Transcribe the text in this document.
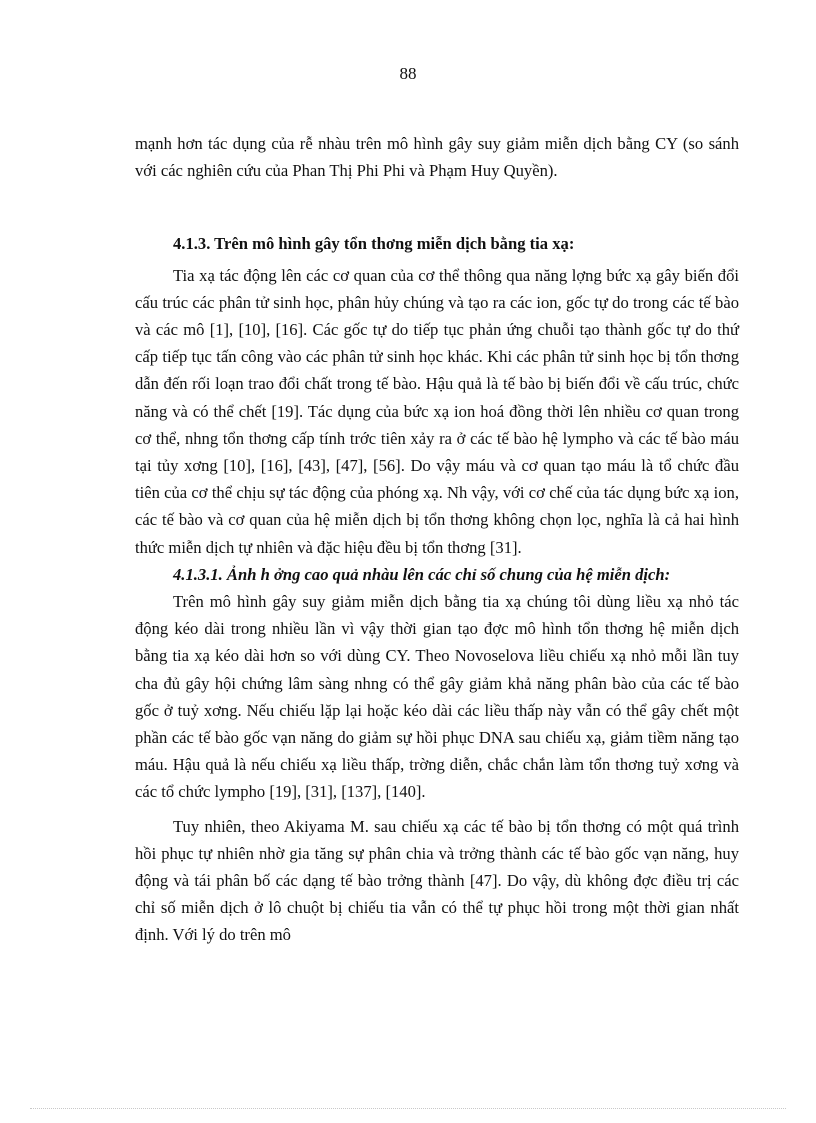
88

mạnh hơn tác dụng của rễ nhàu trên mô hình gây suy giảm miễn dịch bằng CY (so sánh với các nghiên cứu của Phan Thị Phi Phi và Phạm Huy Quyền).

4.1.3. Trên mô hình gây tổn thơng miễn dịch bằng tia xạ:

Tia xạ tác động lên các cơ quan của cơ thể thông qua năng lợng bức xạ gây biến đổi cấu trúc các phân tử sinh học, phân hủy chúng và tạo ra các ion, gốc tự do trong các tế bào và các mô [1], [10], [16]. Các gốc tự do tiếp tục phản ứng chuỗi tạo thành gốc tự do thứ cấp tiếp tục tấn công vào các phân tử sinh học khác. Khi các phân tử sinh học bị tổn thơng dẫn đến rối loạn trao đổi chất trong tế bào. Hậu quả là tế bào bị biến đổi về cấu trúc, chức năng và có thể chết [19]. Tác dụng của bức xạ ion hoá đồng thời lên nhiều cơ quan trong cơ thể, nhng tổn thơng cấp tính trớc tiên xảy ra ở các tế bào hệ lympho và các tế bào máu tại tủy xơng [10], [16], [43], [47], [56]. Do vậy máu và cơ quan tạo máu là tổ chức đầu tiên của cơ thể chịu sự tác động của phóng xạ. Nh vậy, với cơ chế của tác dụng bức xạ ion, các tế bào và cơ quan của hệ miễn dịch bị tổn thơng không chọn lọc, nghĩa là cả hai hình thức miễn dịch tự nhiên và đặc hiệu đều bị tổn thơng [31].

4.1.3.1. Ảnh h ởng cao quả nhàu lên các chỉ số chung của hệ miễn dịch:

Trên mô hình gây suy giảm miễn dịch bằng tia xạ chúng tôi dùng liều xạ nhỏ tác động kéo dài trong nhiều lần vì vậy thời gian tạo đợc mô hình tổn thơng hệ miễn dịch bằng tia xạ kéo dài hơn so với dùng CY. Theo Novoselova liều chiếu xạ nhỏ mỗi lần tuy cha đủ gây hội chứng lâm sàng nhng có thể gây giảm khả năng phân bào của các tế bào gốc ở tuỷ xơng. Nếu chiếu lặp lại hoặc kéo dài các liều thấp này vẫn có thể gây chết một phần các tế bào gốc vạn năng do giảm sự hồi phục DNA sau chiếu xạ, giảm tiềm năng tạo máu. Hậu quả là nếu chiếu xạ liều thấp, trờng diễn, chắc chắn làm tổn thơng tuỷ xơng và các tổ chức lympho [19], [31], [137], [140].

Tuy nhiên, theo Akiyama M. sau chiếu xạ các tế bào bị tổn thơng có một quá trình hồi phục tự nhiên nhờ gia tăng sự phân chia và trởng thành các tế bào gốc vạn năng, huy động và tái phân bố các dạng tế bào trởng thành [47]. Do vậy, dù không đợc điều trị các chỉ số miễn dịch ở lô chuột bị chiếu tia vẫn có thể tự phục hồi trong một thời gian nhất định. Với lý do trên mô
